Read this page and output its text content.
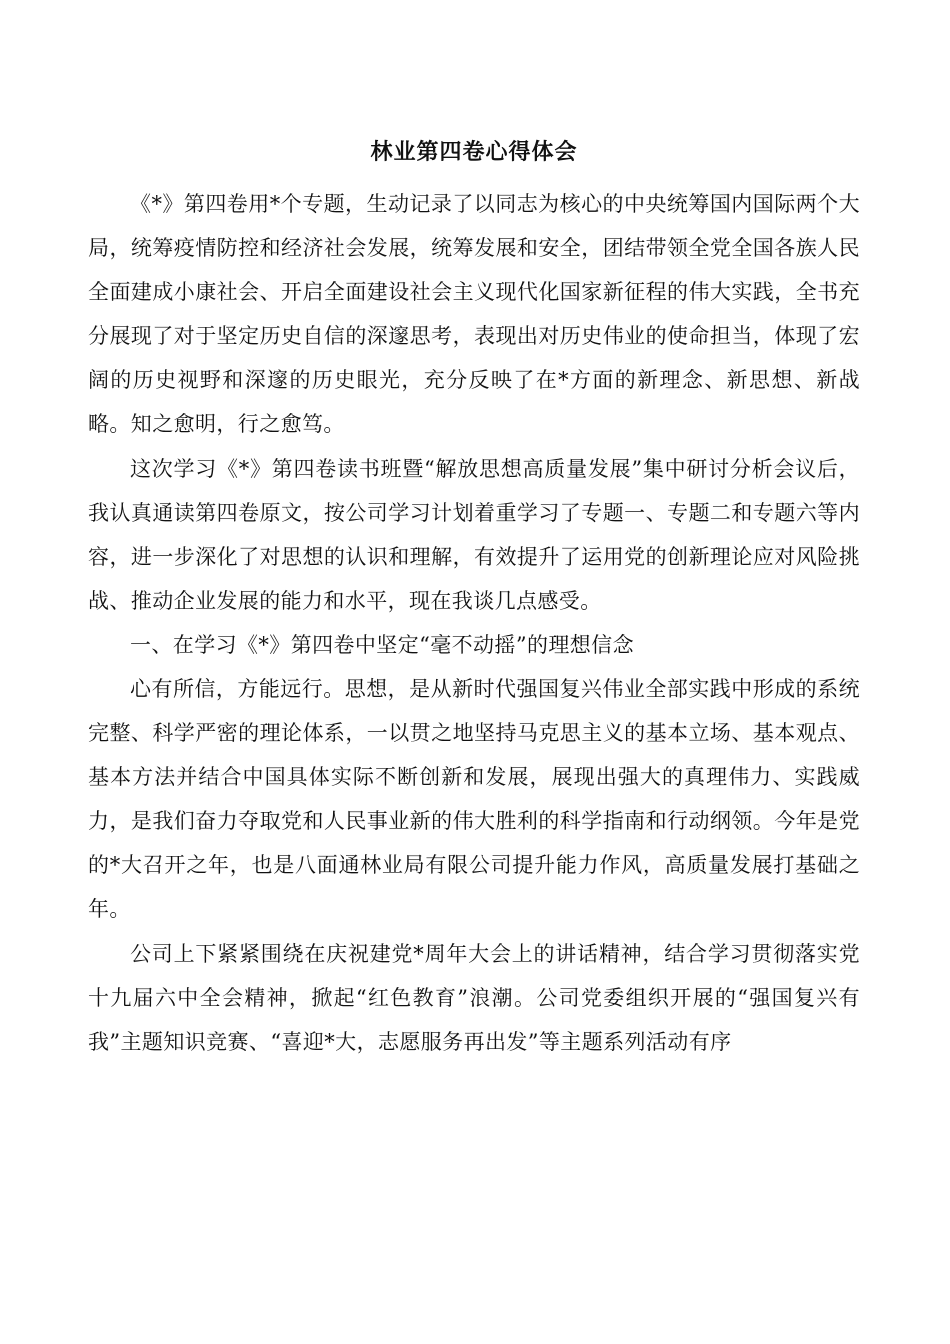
林业第四卷心得体会

《*》第四卷用*个专题，生动记录了以同志为核心的中央统筹国内国际两个大局，统筹疫情防控和经济社会发展，统筹发展和安全，团结带领全党全国各族人民全面建成小康社会、开启全面建设社会主义现代化国家新征程的伟大实践，全书充分展现了对于坚定历史自信的深邃思考，表现出对历史伟业的使命担当，体现了宏阔的历史视野和深邃的历史眼光，充分反映了在*方面的新理念、新思想、新战略。知之愈明，行之愈笃。

这次学习《*》第四卷读书班暨“解放思想高质量发展”集中研讨分析会议后，我认真通读第四卷原文，按公司学习计划着重学习了专题一、专题二和专题六等内容，进一步深化了对思想的认识和理解，有效提升了运用党的创新理论应对风险挑战、推动企业发展的能力和水平，现在我谈几点感受。

一、在学习《*》第四卷中坚定“毫不动摇”的理想信念

心有所信，方能远行。思想，是从新时代强国复兴伟业全部实践中形成的系统完整、科学严密的理论体系，一以贯之地坚持马克思主义的基本立场、基本观点、基本方法并结合中国具体实际不断创新和发展，展现出强大的真理伟力、实践威力，是我们奋力夺取党和人民事业新的伟大胜利的科学指南和行动纲领。今年是党的*大召开之年，也是八面通林业局有限公司提升能力作风，高质量发展打基础之年。

公司上下紧紧围绕在庆祝建党*周年大会上的讲话精神，结合学习贯彻落实党十九届六中全会精神，掀起“红色教育”浪潮。公司党委组织开展的“强国复兴有我”主题知识竞赛、“喜迎*大，志愿服务再出发”等主题系列活动有序
